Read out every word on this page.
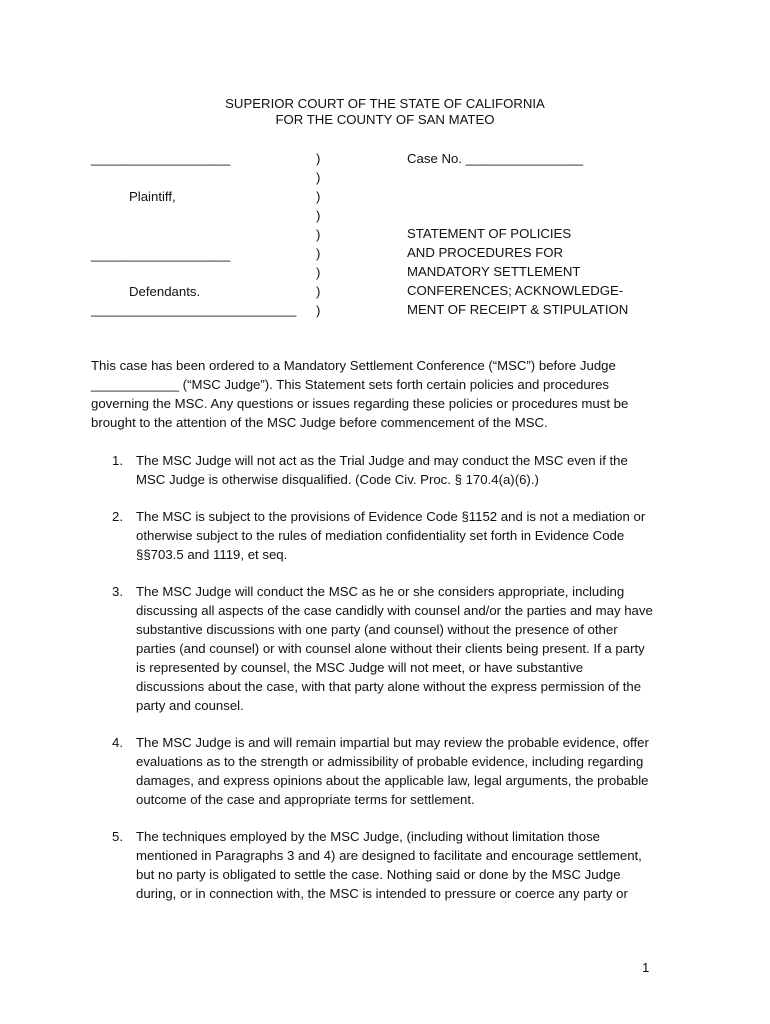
SUPERIOR COURT OF THE STATE OF CALIFORNIA
FOR THE COUNTY OF SAN MATEO
___________________
Plaintiff,
___________________
Defendants.
____________________________
)
)
)
)
)
)
)
)
)
Case No. ________________
STATEMENT OF POLICIES
AND PROCEDURES FOR
MANDATORY SETTLEMENT
CONFERENCES; ACKNOWLEDGE-
MENT OF RECEIPT & STIPULATION
This case has been ordered to a Mandatory Settlement Conference (“MSC”) before Judge
____________ (“MSC Judge”). This Statement sets forth certain policies and procedures
governing the MSC. Any questions or issues regarding these policies or procedures must be
brought to the attention of the MSC Judge before commencement of the MSC.
1. The MSC Judge will not act as the Trial Judge and may conduct the MSC even if the
MSC Judge is otherwise disqualified. (Code Civ. Proc. § 170.4(a)(6).)
2. The MSC is subject to the provisions of Evidence Code §1152 and is not a mediation or
otherwise subject to the rules of mediation confidentiality set forth in Evidence Code
§§703.5 and 1119, et seq.
3. The MSC Judge will conduct the MSC as he or she considers appropriate, including
discussing all aspects of the case candidly with counsel and/or the parties and may have
substantive discussions with one party (and counsel) without the presence of other
parties (and counsel) or with counsel alone without their clients being present. If a party
is represented by counsel, the MSC Judge will not meet, or have substantive
discussions about the case, with that party alone without the express permission of the
party and counsel.
4. The MSC Judge is and will remain impartial but may review the probable evidence, offer
evaluations as to the strength or admissibility of probable evidence, including regarding
damages, and express opinions about the applicable law, legal arguments, the probable
outcome of the case and appropriate terms for settlement.
5. The techniques employed by the MSC Judge, (including without limitation those
mentioned in Paragraphs 3 and 4) are designed to facilitate and encourage settlement,
but no party is obligated to settle the case. Nothing said or done by the MSC Judge
during, or in connection with, the MSC is intended to pressure or coerce any party or
1
